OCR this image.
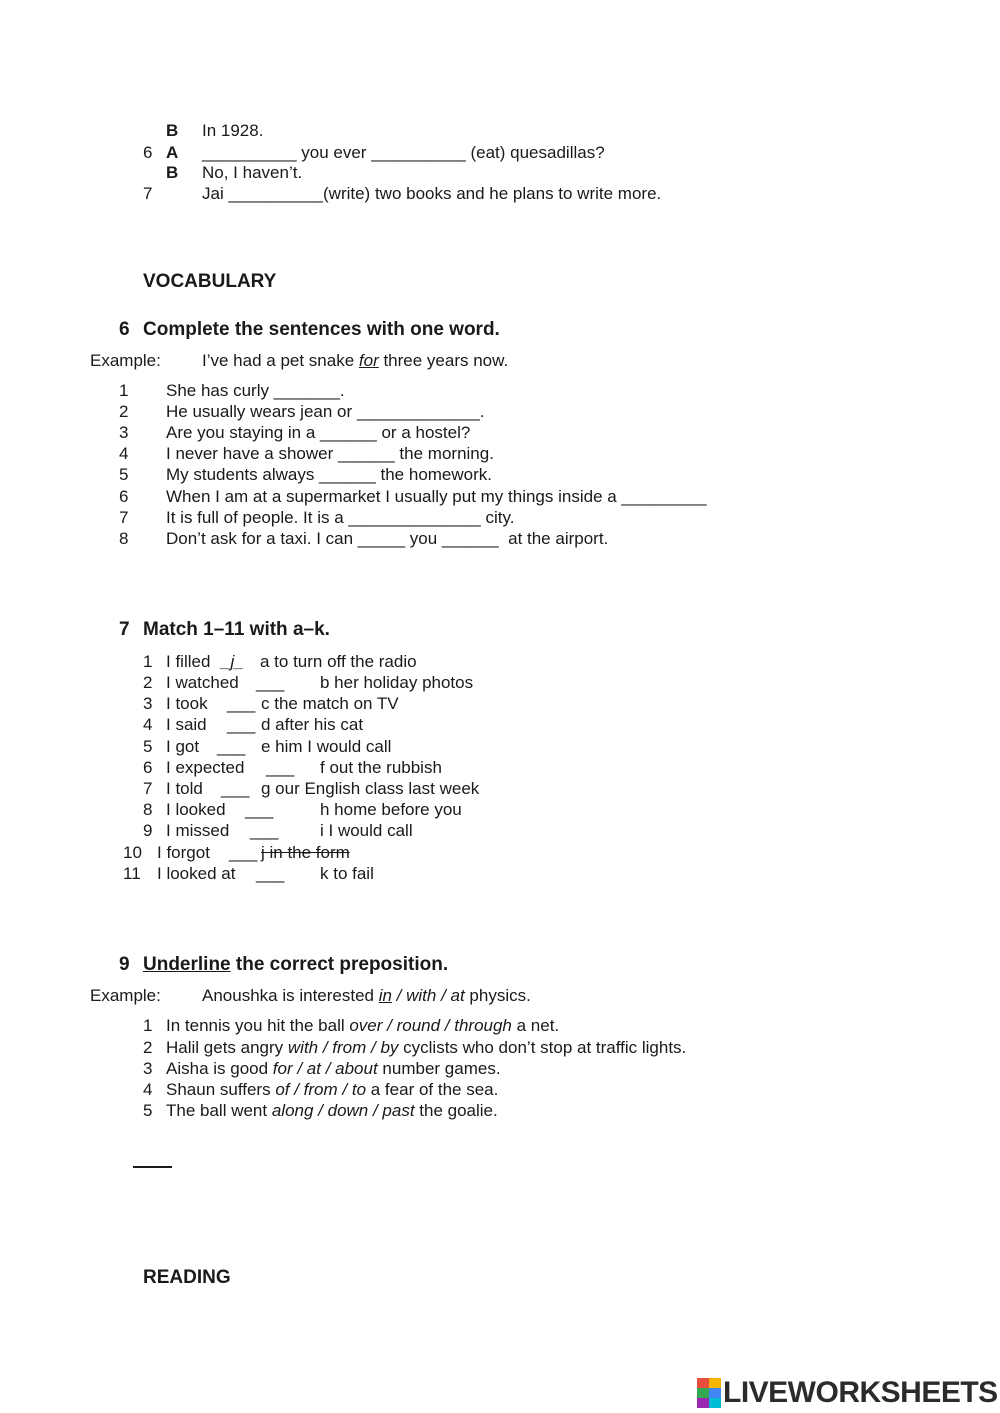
B In 1928.
6 A __________ you ever __________ (eat) quesadillas?
B No, I haven’t.
7	Jai __________(write) two books and he plans to write more.
VOCABULARY
6 Complete the sentences with one word.
Example: I’ve had a pet snake for three years now.
1 She has curly _______.
2 He usually wears jean or _____________.
3 Are you staying in a ______ or a hostel?
4 I never have a shower ______ the morning.
5 My students always ______ the homework.
6 When I am at a supermarket I usually put my things inside a _________
7 It is full of people. It is a ______________ city.
8 Don’t ask for a taxi. I can _____ you ______  at the airport.
7 Match 1–11 with a–k.
1 I filled _j_ a to turn off the radio
2 I watched ___ b her holiday photos
3 I took ___ c the match on TV
4 I said ___ d after his cat
5 I got ___ e him I would call
6 I expected ___ f out the rubbish
7 I told ___ g our English class last week
8 I looked ___	h home before you
9 I missed ___ i I would call
10 I forgot ___ j in the form
11 I looked at ___ k to fail
9 Underline the correct preposition.
Example: Anoushka is interested in / with / at physics.
1 In tennis you hit the ball over / round / through a net.
2 Halil gets angry with / from / by cyclists who don’t stop at traffic lights.
3 Aisha is good for / at / about number games.
4 Shaun suffers of / from / to a fear of the sea.
5 The ball went along / down / past the goalie.
READING
LIVEWORKSHEETS
